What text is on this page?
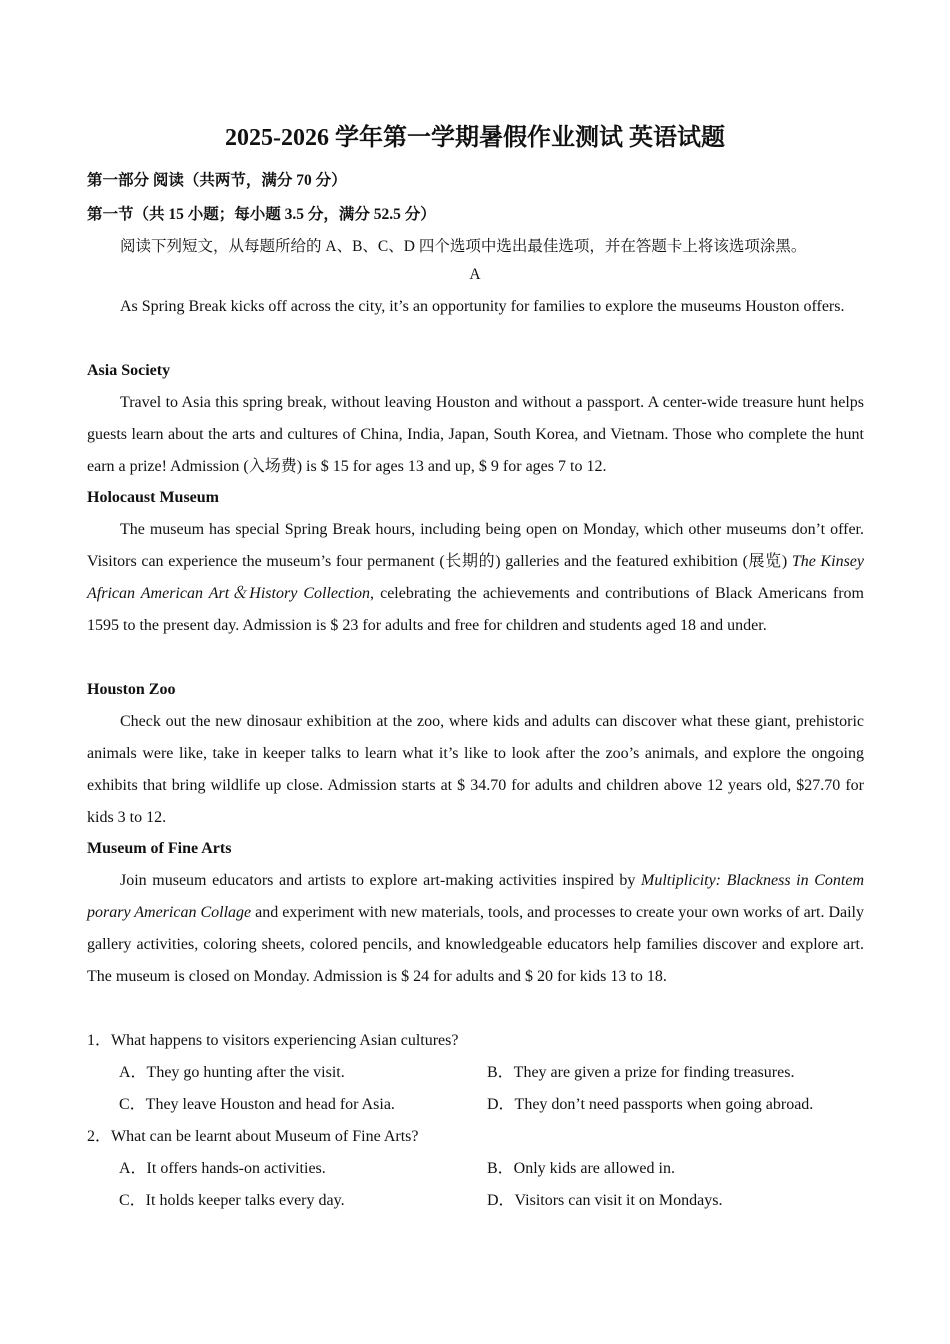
2025-2026 学年第一学期暑假作业测试 英语试题
第一部分 阅读（共两节，满分 70 分）
第一节（共 15 小题；每小题 3.5 分，满分 52.5 分）
阅读下列短文，从每题所给的 A、B、C、D 四个选项中选出最佳选项，并在答题卡上将该选项涂黑。
A
As Spring Break kicks off across the city, it’s an opportunity for families to explore the museums Houston offers.
Asia Society
Travel to Asia this spring break, without leaving Houston and without a passport. A center-wide treasure hunt helps guests learn about the arts and cultures of China, India, Japan, South Korea, and Vietnam. Those who complete the hunt earn a prize! Admission (入场费) is $ 15 for ages 13 and up, $ 9 for ages 7 to 12.
Holocaust Museum
The museum has special Spring Break hours, including being open on Monday, which other museums don’t offer. Visitors can experience the museum’s four permanent (长期的) galleries and the featured exhibition (展览) The Kinsey African American Art＆History Collection, celebrating the achievements and contributions of Black Americans from 1595 to the present day. Admission is $ 23 for adults and free for children and students aged 18 and under.
Houston Zoo
Check out the new dinosaur exhibition at the zoo, where kids and adults can discover what these giant, prehistoric animals were like, take in keeper talks to learn what it’s like to look after the zoo’s animals, and explore the ongoing exhibits that bring wildlife up close. Admission starts at $ 34.70 for adults and children above 12 years old, $27.70 for kids 3 to 12.
Museum of Fine Arts
Join museum educators and artists to explore art-making activities inspired by Multiplicity: Blackness in Contem porary American Collage and experiment with new materials, tools, and processes to create your own works of art. Daily gallery activities, coloring sheets, colored pencils, and knowledgeable educators help families discover and explore art. The museum is closed on Monday. Admission is $ 24 for adults and $ 20 for kids 13 to 18.
1．What happens to visitors experiencing Asian cultures?
A．They go hunting after the visit.	B．They are given a prize for finding treasures.
C．They leave Houston and head for Asia.	D．They don’t need passports when going abroad.
2．What can be learnt about Museum of Fine Arts?
A．It offers hands-on activities.	B．Only kids are allowed in.
C．It holds keeper talks every day.	D．Visitors can visit it on Mondays.
